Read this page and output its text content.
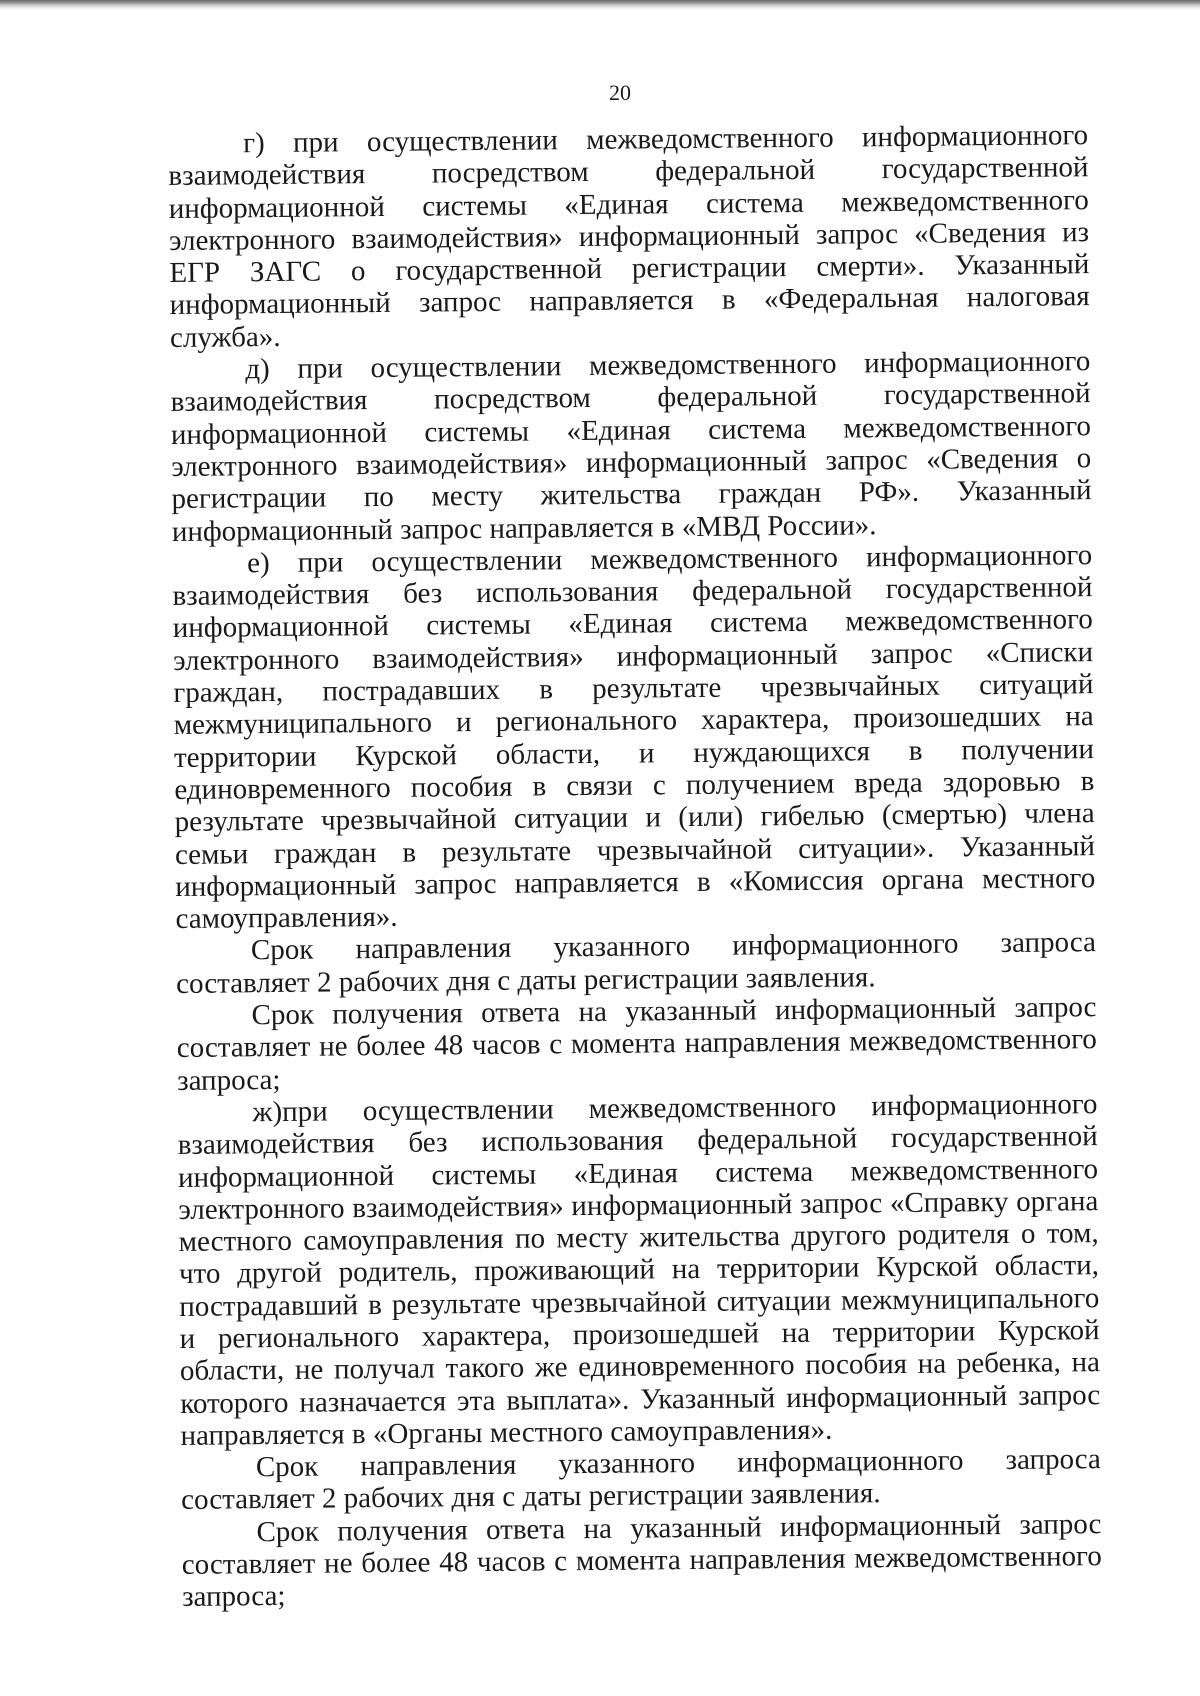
20

г) при осуществлении межведомственного информационного взаимодействия посредством федеральной государственной информационной системы «Единая система межведомственного электронного взаимодействия» информационный запрос «Сведения из ЕГР ЗАГС о государственной регистрации смерти». Указанный информационный запрос направляется в «Федеральная налоговая служба».

д) при осуществлении межведомственного информационного взаимодействия посредством федеральной государственной информационной системы «Единая система межведомственного электронного взаимодействия» информационный запрос «Сведения о регистрации по месту жительства граждан РФ». Указанный информационный запрос направляется в «МВД России».

е) при осуществлении межведомственного информационного взаимодействия без использования федеральной государственной информационной системы «Единая система межведомственного электронного взаимодействия» информационный запрос «Списки граждан, пострадавших в результате чрезвычайных ситуаций межмуниципального и регионального характера, произошедших на территории Курской области, и нуждающихся в получении единовременного пособия в связи с получением вреда здоровью в результате чрезвычайной ситуации и (или) гибелью (смертью) члена семьи граждан в результате чрезвычайной ситуации». Указанный информационный запрос направляется в «Комиссия органа местного самоуправления».

Срок направления указанного информационного запроса составляет 2 рабочих дня с даты регистрации заявления.

Срок получения ответа на указанный информационный запрос составляет не более 48 часов с момента направления межведомственного запроса;

ж)при осуществлении межведомственного информационного взаимодействия без использования федеральной государственной информационной системы «Единая система межведомственного электронного взаимодействия» информационный запрос «Справку органа местного самоуправления по месту жительства другого родителя о том, что другой родитель, проживающий на территории Курской области, пострадавший в результате чрезвычайной ситуации межмуниципального и регионального характера, произошедшей на территории Курской области, не получал такого же единовременного пособия на ребенка, на которого назначается эта выплата». Указанный информационный запрос направляется в «Органы местного самоуправления».

Срок направления указанного информационного запроса составляет 2 рабочих дня с даты регистрации заявления.

Срок получения ответа на указанный информационный запрос составляет не более 48 часов с момента направления межведомственного запроса;
